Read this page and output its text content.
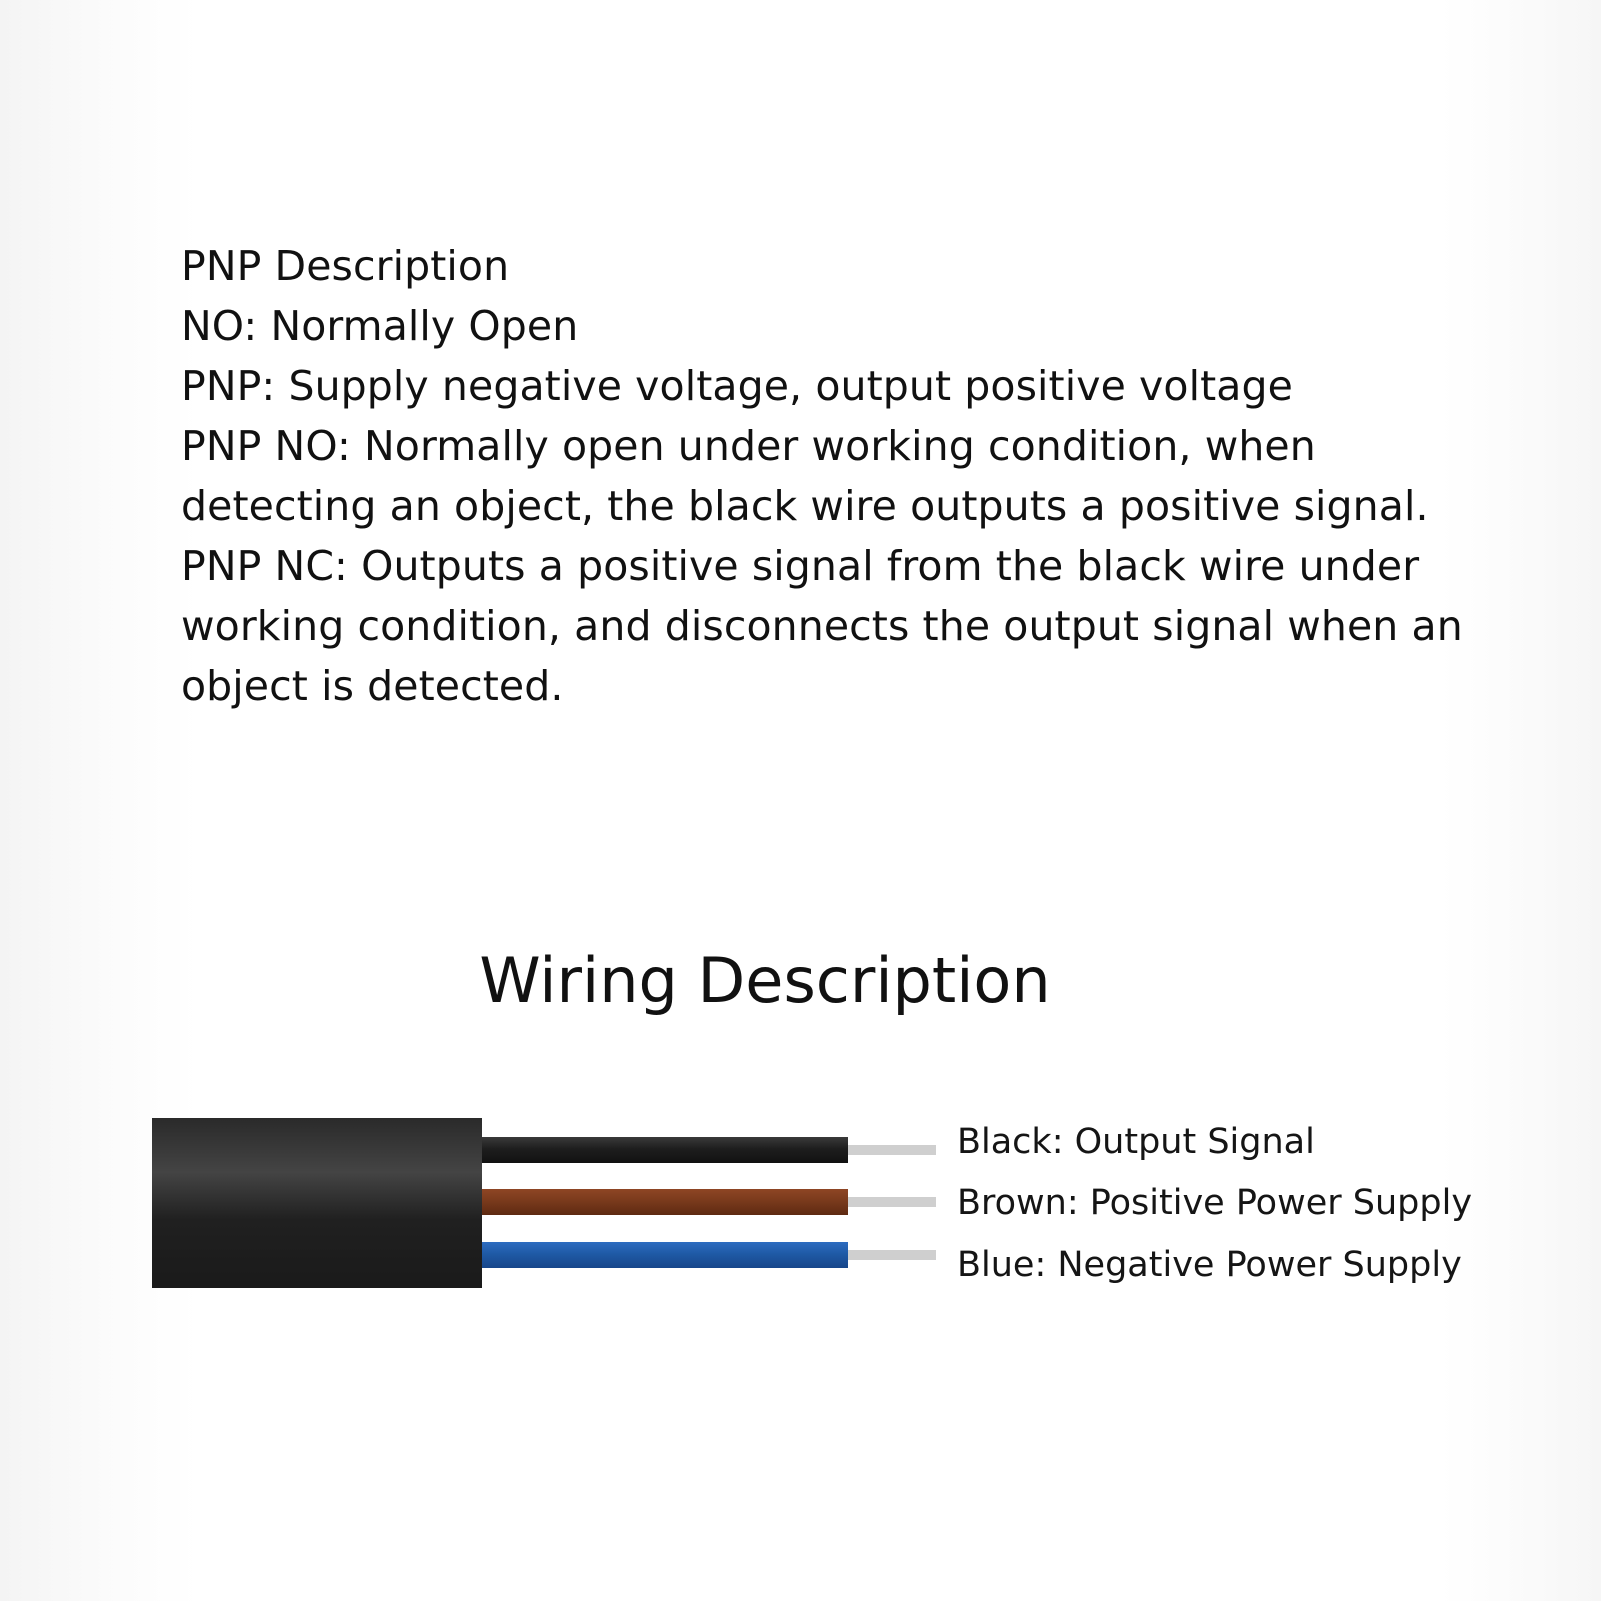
PNP Description
NO: Normally Open
PNP: Supply negative voltage, output positive voltage
PNP NO: Normally open under working condition, when detecting an object, the black wire outputs a positive signal.
PNP NC: Outputs a positive signal from the black wire under working condition, and disconnects the output signal when an object is detected.
Wiring Description
Black: Output Signal
Brown: Positive Power Supply
Blue: Negative Power Supply
